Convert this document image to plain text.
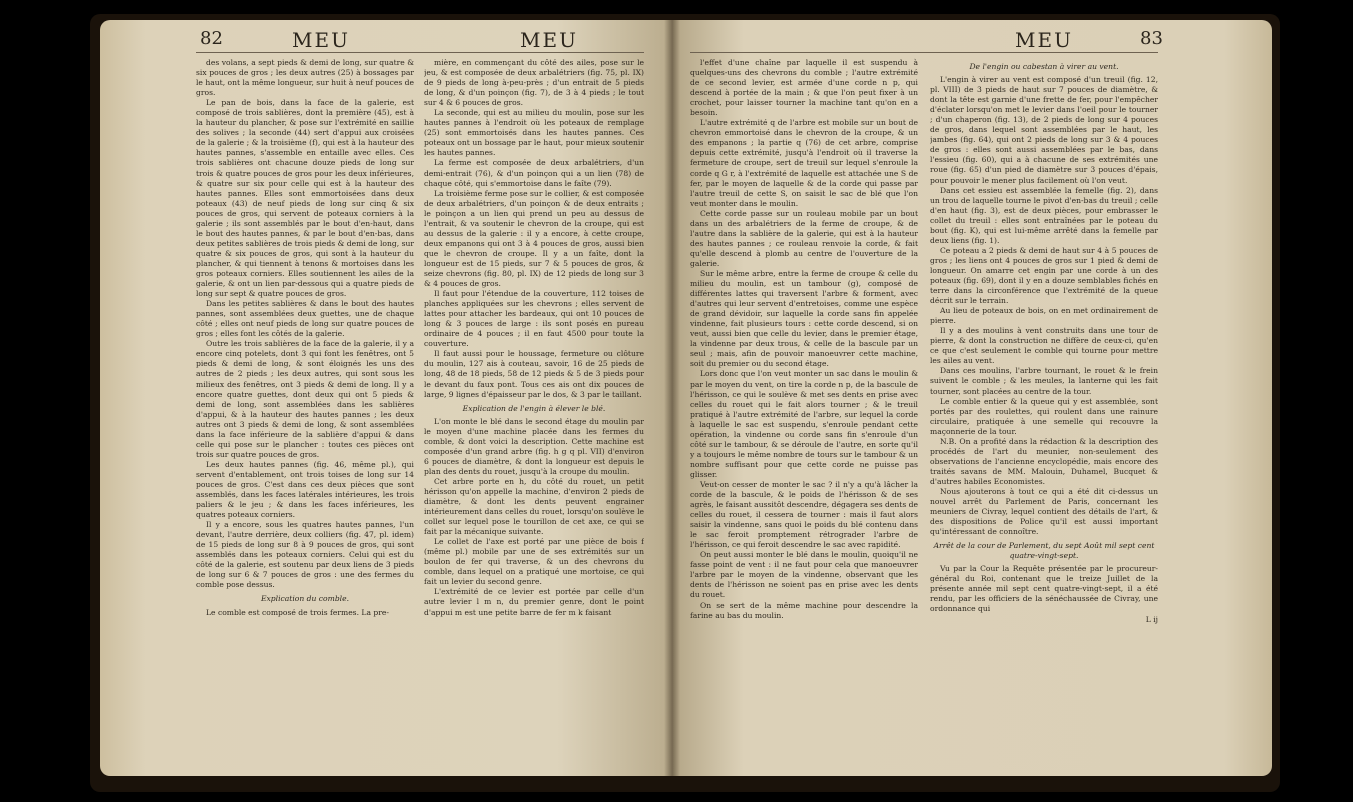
82	MEU	MEU	MEU	83

des volans, a sept pieds & demi de long, sur quatre & six pouces de gros ; les deux autres (25) à bossages par le haut, ont la même longueur, sur huit à neuf pouces de gros.

Le pan de bois, dans la face de la galerie, est composé de trois sablières, dont la première (45), est à la hauteur du plancher, & pose sur l'extrémité en saillie des solives ; la seconde (44) sert d'appui aux croisées de la galerie ; & la troisième (f), qui est à la hauteur des hautes pannes, s'assemble en entaille avec elles. Ces trois sablières ont chacune douze pieds de long sur trois & quatre pouces de gros pour les deux inférieures, & quatre sur six pour celle qui est à la hauteur des hautes pannes. Elles sont emmortoisées dans deux poteaux (43) de neuf pieds de long sur cinq & six pouces de gros, qui servent de poteaux corniers à la galerie ; ils sont assemblés par le bout d'en-haut, dans le bout des hautes pannes, & par le bout d'en-bas, dans deux petites sablières de trois pieds & demi de long, sur quatre & six pouces de gros, qui sont à la hauteur du plancher, & qui tiennent à tenons & mortoises dans les gros poteaux corniers. Elles soutiennent les ailes de la galerie, & ont un lien par-dessous qui a quatre pieds de long sur sept & quatre pouces de gros.

Dans les petites sablières & dans le bout des hautes pannes, sont assemblées deux guettes, une de chaque côté ; elles ont neuf pieds de long sur quatre pouces de gros ; elles font les côtés de la galerie.

Outre les trois sablières de la face de la galerie, il y a encore cinq potelets, dont 3 qui font les fenêtres, ont 5 pieds & demi de long, & sont éloignés les uns des autres de 2 pieds ; les deux autres, qui sont sous les milieux des fenêtres, ont 3 pieds & demi de long. Il y a encore quatre guettes, dont deux qui ont 5 pieds & demi de long, sont assemblées dans les sablières d'appui, & à la hauteur des hautes pannes ; les deux autres ont 3 pieds & demi de long, & sont assemblées dans la face inférieure de la sablière d'appui & dans celle qui pose sur le plancher : toutes ces pièces ont trois sur quatre pouces de gros.

Les deux hautes pannes (fig. 46, même pl.), qui servent d'entablement, ont trois toises de long sur 14 pouces de gros. C'est dans ces deux pièces que sont assemblés, dans les faces latérales intérieures, les trois paliers & le jeu ; & dans les faces inférieures, les quatres poteaux corniers.

Il y a encore, sous les quatres hautes pannes, l'un devant, l'autre derrière, deux colliers (fig. 47, pl. idem) de 15 pieds de long sur 8 à 9 pouces de gros, qui sont assemblés dans les poteaux corniers. Celui qui est du côté de la galerie, est soutenu par deux liens de 3 pieds de long sur 6 & 7 pouces de gros : une des fermes du comble pose dessus.

Explication du comble.

Le comble est composé de trois fermes. La pre-

mière, en commençant du côté des ailes, pose sur le jeu, & est composée de deux arbalétriers (fig. 75, pl. IX) de 9 pieds de long à-peu-près ; d'un entrait de 5 pieds de long, & d'un poinçon (fig. 7), de 3 à 4 pieds ; le tout sur 4 & 6 pouces de gros.

La seconde, qui est au milieu du moulin, pose sur les hautes pannes à l'endroit où les poteaux de remplage (25) sont emmortoisés dans les hautes pannes. Ces poteaux ont un bossage par le haut, pour mieux soutenir les hautes pannes.

La ferme est composée de deux arbalétriers, d'un demi-entrait (76), & d'un poinçon qui a un lien (78) de chaque côté, qui s'emmortoise dans le faîte (79).

La troisième ferme pose sur le collier, & est composée de deux arbalétriers, d'un poinçon & de deux entraits ; le poinçon a un lien qui prend un peu au dessus de l'entrait, & va soutenir le chevron de la croupe, qui est au dessus de la galerie : il y a encore, à cette croupe, deux empanons qui ont 3 à 4 pouces de gros, aussi bien que le chevron de croupe. Il y a un faîte, dont la longueur est de 15 pieds, sur 7 & 5 pouces de gros, & seize chevrons (fig. 80, pl. IX) de 12 pieds de long sur 3 & 4 pouces de gros.

Il faut pour l'étendue de la couverture, 112 toises de planches appliquées sur les chevrons ; elles servent de lattes pour attacher les bardeaux, qui ont 10 pouces de long & 3 pouces de large : ils sont posés en pureau ordinaire de 4 pouces ; il en faut 4500 pour toute la couverture.

Il faut aussi pour le houssage, fermeture ou clôture du moulin, 127 ais à couteau, savoir, 16 de 25 pieds de long, 48 de 18 pieds, 58 de 12 pieds & 5 de 3 pieds pour le devant du faux pont. Tous ces ais ont dix pouces de large, 9 lignes d'épaisseur par le dos, & 3 par le taillant.

Explication de l'engin à élever le blé.

L'on monte le blé dans le second étage du moulin par le moyen d'une machine placée dans les fermes du comble, & dont voici la description. Cette machine est composée d'un grand arbre (fig. h g q pl. VII) d'environ 6 pouces de diamètre, & dont la longueur est depuis le plan des dents du rouet, jusqu'à la croupe du moulin.

Cet arbre porte en h, du côté du rouet, un petit hérisson qu'on appelle la machine, d'environ 2 pieds de diamètre, & dont les dents peuvent engrainer intérieurement dans celles du rouet, lorsqu'on soulève le collet sur lequel pose le tourillon de cet axe, ce qui se fait par la mécanique suivante.

Le collet de l'axe est porté par une pièce de bois f (même pl.) mobile par une de ses extrémités sur un boulon de fer qui traverse, & un des chevrons du comble, dans lequel on a pratiqué une mortoise, ce qui fait un levier du second genre.

L'extrémité de ce levier est portée par celle d'un autre levier l m n, du premier genre, dont le point d'appui m est une petite barre de fer m k faisant

l'effet d'une chaîne par laquelle il est suspendu à quelques-uns des chevrons du comble ; l'autre extrémité de ce second levier, est armée d'une corde n p, qui descend à portée de la main ; & que l'on peut fixer à un crochet, pour laisser tourner la machine tant qu'on en a besoin.

L'autre extrémité q de l'arbre est mobile sur un bout de chevron emmortoisé dans le chevron de la croupe, & un des empanons ; la partie q (76) de cet arbre, comprise depuis cette extrémité, jusqu'à l'endroit où il traverse la fermeture de croupe, sert de treuil sur lequel s'enroule la corde q G r, à l'extrémité de laquelle est attachée une S de fer, par le moyen de laquelle & de la corde qui passe par l'autre treuil de cette S, on saisit le sac de blé que l'on veut monter dans le moulin.

Cette corde passe sur un rouleau mobile par un bout dans un des arbalétriers de la ferme de croupe, & de l'autre dans la sablière de la galerie, qui est à la hauteur des hautes pannes ; ce rouleau renvoie la corde, & fait qu'elle descend à plomb au centre de l'ouverture de la galerie.

Sur le même arbre, entre la ferme de croupe & celle du milieu du moulin, est un tambour (g), composé de différentes lattes qui traversent l'arbre & forment, avec d'autres qui leur servent d'entretoises, comme une espèce de grand dévidoir, sur laquelle la corde sans fin appelée vindenne, fait plusieurs tours : cette corde descend, si on veut, aussi bien que celle du levier, dans le premier étage, la vindenne par deux trous, & celle de la bascule par un seul ; mais, afin de pouvoir manoeuvrer cette machine, soit du premier ou du second étage.

Lors donc que l'on veut monter un sac dans le moulin & par le moyen du vent, on tire la corde n p, de la bascule de l'hérisson, ce qui le soulève & met ses dents en prise avec celles du rouet qui le fait alors tourner ; & le treuil pratiqué à l'autre extrémité de l'arbre, sur lequel la corde à laquelle le sac est suspendu, s'enroule pendant cette opération, la vindenne ou corde sans fin s'enroule d'un côté sur le tambour, & se déroule de l'autre, en sorte qu'il y a toujours le même nombre de tours sur le tambour & un nombre suffisant pour que cette corde ne puisse pas glisser.

Veut-on cesser de monter le sac ? il n'y a qu'à lâcher la corde de la bascule, & le poids de l'hérisson & de ses agrès, le faisant aussitôt descendre, dégagera ses dents de celles du rouet, il cessera de tourner : mais il faut alors saisir la vindenne, sans quoi le poids du blé contenu dans le sac feroit promptement rétrograder l'arbre de l'hérisson, ce qui feroit descendre le sac avec rapidité.

On peut aussi monter le blé dans le moulin, quoiqu'il ne fasse point de vent : il ne faut pour cela que manoeuvrer l'arbre par le moyen de la vindenne, observant que les dents de l'hérisson ne soient pas en prise avec les dents du rouet.

On se sert de la même machine pour descendre la farine au bas du moulin.

De l'engin ou cabestan à virer au vent.

L'engin à virer au vent est composé d'un treuil (fig. 12, pl. VIII) de 3 pieds de haut sur 7 pouces de diamètre, & dont la tête est garnie d'une frette de fer, pour l'empêcher d'éclater lorsqu'on met le levier dans l'oeil pour le tourner ; d'un chaperon (fig. 13), de 2 pieds de long sur 4 pouces de gros, dans lequel sont assemblées par le haut, les jambes (fig. 64), qui ont 2 pieds de long sur 3 & 4 pouces de gros : elles sont aussi assemblées par le bas, dans l'essieu (fig. 60), qui a à chacune de ses extrémités une roue (fig. 65) d'un pied de diamètre sur 3 pouces d'épais, pour pouvoir le mener plus facilement où l'on veut.

Dans cet essieu est assemblée la femelle (fig. 2), dans un trou de laquelle tourne le pivot d'en-bas du treuil ; celle d'en haut (fig. 3), est de deux pièces, pour embrasser le collet du treuil : elles sont entraînées par le poteau du bout (fig. K), qui est lui-même arrêté dans la femelle par deux liens (fig. 1).

Ce poteau a 2 pieds & demi de haut sur 4 à 5 pouces de gros ; les liens ont 4 pouces de gros sur 1 pied & demi de longueur. On amarre cet engin par une corde à un des poteaux (fig. 69), dont il y en a douze semblables fichés en terre dans la circonférence que l'extrémité de la queue décrit sur le terrain.

Au lieu de poteaux de bois, on en met ordinairement de pierre.

Il y a des moulins à vent construits dans une tour de pierre, & dont la construction ne diffère de ceux-ci, qu'en ce que c'est seulement le comble qui tourne pour mettre les ailes au vent.

Dans ces moulins, l'arbre tournant, le rouet & le frein suivent le comble ; & les meules, la lanterne qui les fait tourner, sont placées au centre de la tour.

Le comble entier & la queue qui y est assemblée, sont portés par des roulettes, qui roulent dans une rainure circulaire, pratiquée à une semelle qui recouvre la maçonnerie de la tour.

N.B. On a profité dans la rédaction & la description des procédés de l'art du meunier, non-seulement des observations de l'ancienne encyclopédie, mais encore des traités savans de MM. Malouin, Duhamel, Bucquet & d'autres habiles Economistes.

Nous ajouterons à tout ce qui a été dit ci-dessus un nouvel arrêt du Parlement de Paris, concernant les meuniers de Civray, lequel contient des détails de l'art, & des dispositions de Police qu'il est aussi important qu'intéressant de connoître.

Arrêt de la cour de Parlement, du sept Août mil sept cent quatre-vingt-sept.

Vu par la Cour la Requête présentée par le procureur-général du Roi, contenant que le treize Juillet de la présente année mil sept cent quatre-vingt-sept, il a été rendu, par les officiers de la sénéchaussée de Civray, une ordonnance qui

L ij
